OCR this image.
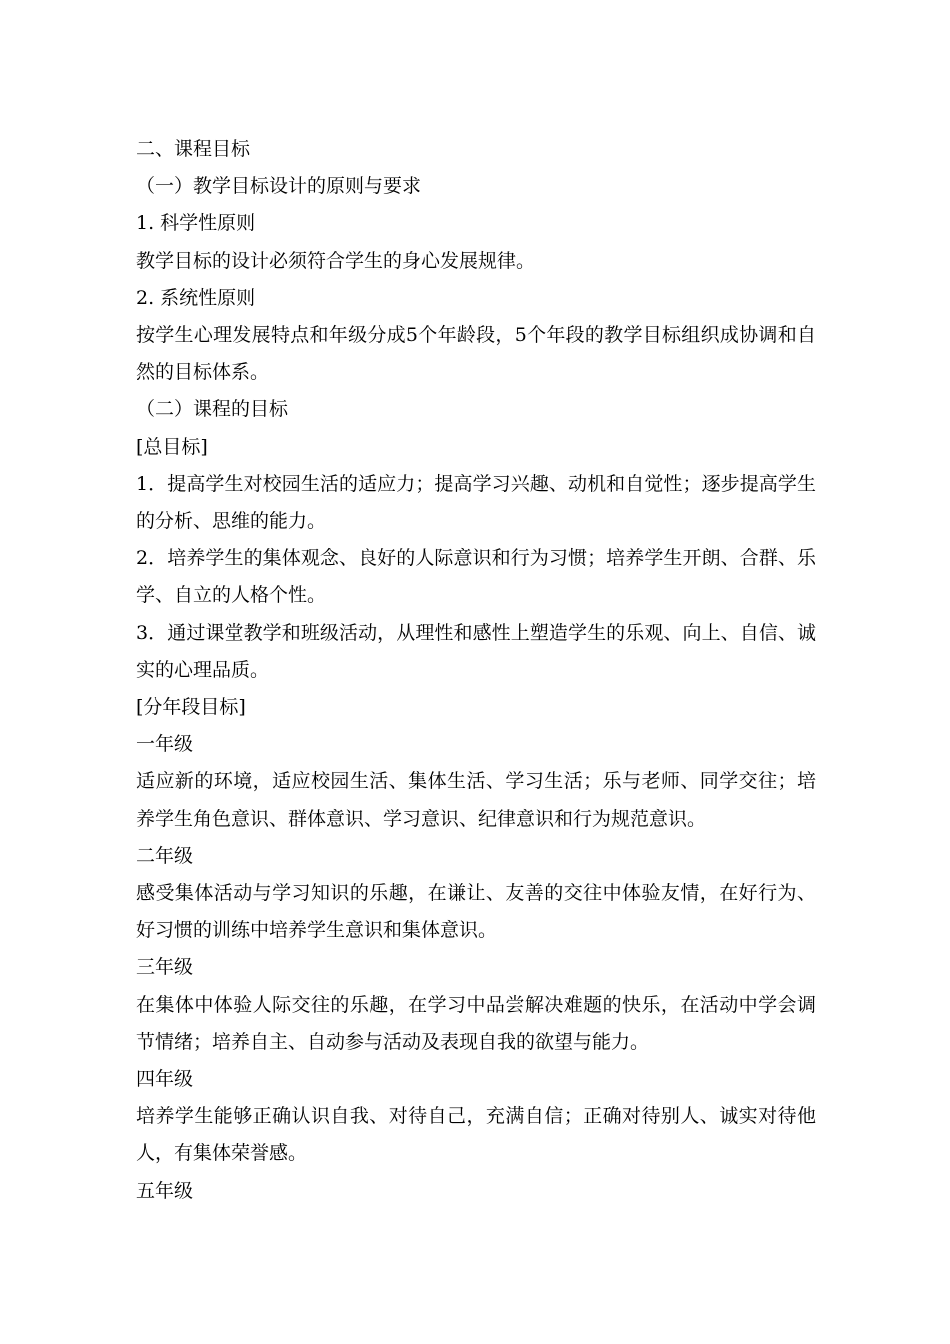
二、课程目标
（一）教学目标设计的原则与要求
1. 科学性原则
教学目标的设计必须符合学生的身心发展规律。
2. 系统性原则
按学生心理发展特点和年级分成5个年龄段，5个年段的教学目标组织成协调和自然的目标体系。
（二）课程的目标
[总目标]
1．提高学生对校园生活的适应力；提高学习兴趣、动机和自觉性；逐步提高学生的分析、思维的能力。
2．培养学生的集体观念、良好的人际意识和行为习惯；培养学生开朗、合群、乐学、自立的人格个性。
3．通过课堂教学和班级活动，从理性和感性上塑造学生的乐观、向上、自信、诚实的心理品质。
[分年段目标]
一年级
适应新的环境，适应校园生活、集体生活、学习生活；乐与老师、同学交往；培养学生角色意识、群体意识、学习意识、纪律意识和行为规范意识。
二年级
感受集体活动与学习知识的乐趣，在谦让、友善的交往中体验友情，在好行为、好习惯的训练中培养学生意识和集体意识。
三年级
在集体中体验人际交往的乐趣，在学习中品尝解决难题的快乐，在活动中学会调节情绪；培养自主、自动参与活动及表现自我的欲望与能力。
四年级
培养学生能够正确认识自我、对待自己，充满自信；正确对待别人、诚实对待他人，有集体荣誉感。
五年级
